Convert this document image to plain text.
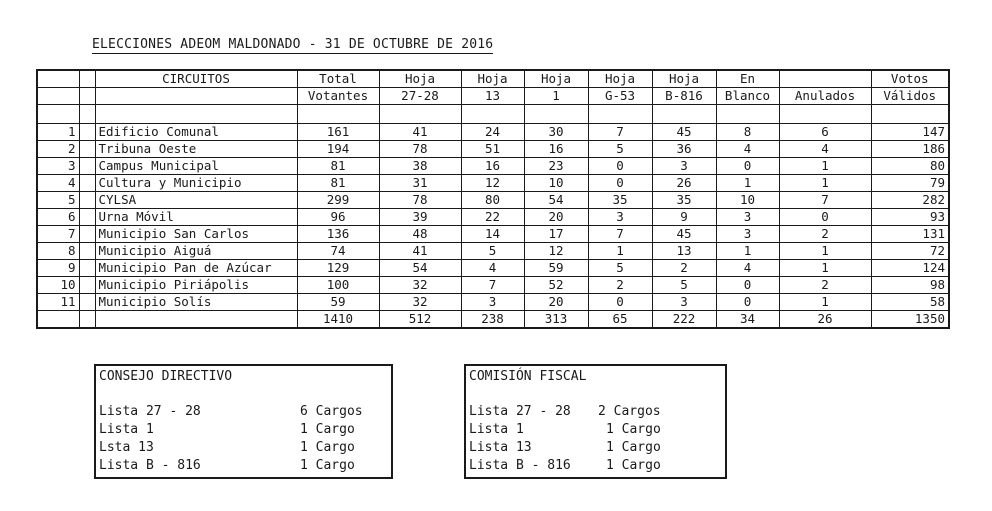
ELECCIONES ADEOM MALDONADO - 31 DE OCTUBRE DE 2016
		CIRCUITOS	Total	Hoja	Hoja	Hoja	Hoja	Hoja	En		Votos
			Votantes	27-28	13	1	G-53	B-816	Blanco	Anulados	Válidos

1		Edificio Comunal	161	41	24	30	7	45	8	6	147
2		Tribuna Oeste	194	78	51	16	5	36	4	4	186
3		Campus Municipal	81	38	16	23	0	3	0	1	80
4		Cultura y Municipio	81	31	12	10	0	26	1	1	79
5		CYLSA	299	78	80	54	35	35	10	7	282
6		Urna Móvil	96	39	22	20	3	9	3	0	93
7		Municipio San Carlos	136	48	14	17	7	45	3	2	131
8		Municipio Aiguá	74	41	5	12	1	13	1	1	72
9		Municipio Pan de Azúcar	129	54	4	59	5	2	4	1	124
10		Municipio Piriápolis	100	32	7	52	2	5	0	2	98
11		Municipio Solís	59	32	3	20	0	3	0	1	58
			1410	512	238	313	65	222	34	26	1350
CONSEJO DIRECTIVO
Lista 27 - 28	6 Cargos
Lista 1	1 Cargo
Lsta 13	1 Cargo
Lista B - 816	1 Cargo
COMISIÓN FISCAL
Lista 27 - 28 2 Cargos
Lista 1	1 Cargo
Lista 13	1 Cargo
Lista B - 816	1 Cargo
